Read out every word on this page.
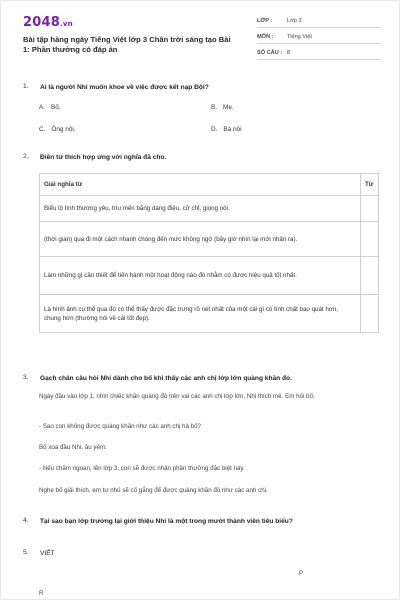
2048.vn
Bài tập hàng ngày Tiếng Việt lớp 3 Chân trời sáng tạo Bài 1: Phần thưởng có đáp án
LỚP :	Lớp 3
MÔN : Tiếng Việt
SỐ CÂU : 8
1. Ai là người Nhi muốn khoe về việc được kết nạp Đội?
A. Bố.	B. Mẹ.
C. Ông nội.	D. Bà nội
2. Điền từ thích hợp ứng với nghĩa đã cho.
Giải nghĩa từ	Từ
Biểu lộ tình thương yêu, trìu mến bằng dáng điệu, cử chỉ, giọng nói.	
(thời gian) qua đi một cách nhanh chóng đến mức không ngờ (bây giờ nhìn lại mới nhận ra).	
Làm những gì cần thiết để tiến hành một hoạt động nào đó nhằm có được hiệu quả tốt nhất.	
Là hình ảnh cụ thể qua đó có thể thấy được đặc trưng rõ nét nhất của một cái gì có tính chất bao quát hơn, chung hơn (thường nói về cái tốt đẹp).	
3. Gạch chân câu hỏi Nhi dành cho bố khi thấy các anh chị lớp lớn quàng khăn đỏ.
Ngày đầu vào lớp 1, nhìn chiếc khăn quàng đỏ trên vai các anh chị lớp lớn, Nhi thích mê. Em hỏi bố:
- Sao con không được quàng khăn như các anh chị hả bố?
Bố xoa đầu Nhi, âu yếm:
- Nếu chăm ngoan, lên lớp 3, con sẽ được nhận phần thưởng đặc biệt này.
Nghe bố giải thích, em tự nhủ sẽ cố gắng để được quàng khăn đỏ như các anh chị.
4. Tại sao bạn lớp trưởng lại giới thiệu Nhi là một trong mười thành viên tiêu biểu?
5. VIẾT
P
R
